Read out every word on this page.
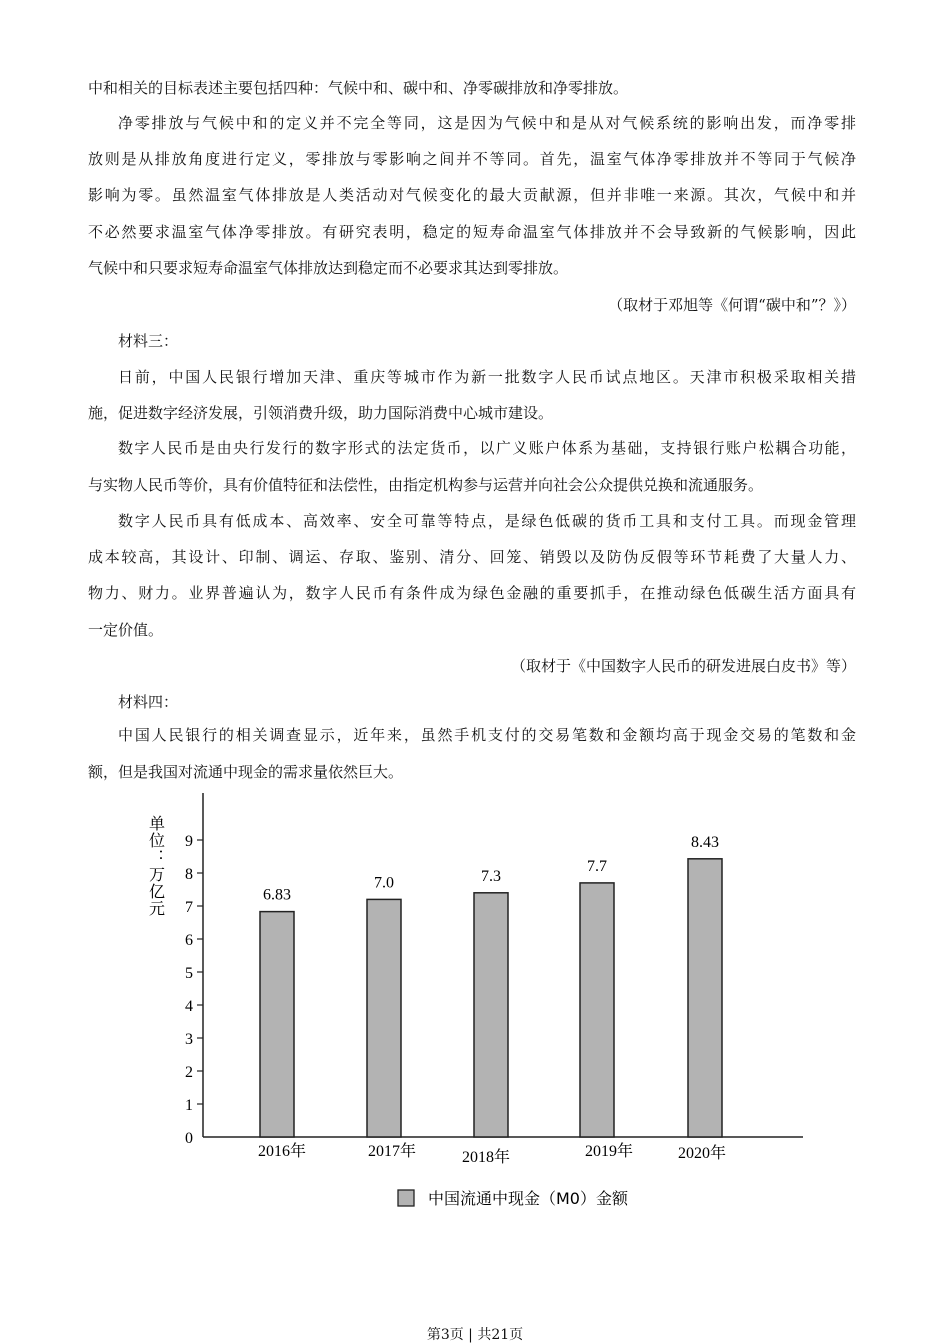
中和相关的目标表述主要包括四种：气候中和、碳中和、净零碳排放和净零排放。
净零排放与气候中和的定义并不完全等同，这是因为气候中和是从对气候系统的影响出发，而净零排
放则是从排放角度进行定义，零排放与零影响之间并不等同。首先，温室气体净零排放并不等同于气候净
影响为零。虽然温室气体排放是人类活动对气候变化的最大贡献源，但并非唯一来源。其次，气候中和并
不必然要求温室气体净零排放。有研究表明，稳定的短寿命温室气体排放并不会导致新的气候影响，因此
气候中和只要求短寿命温室气体排放达到稳定而不必要求其达到零排放。
（取材于邓旭等《何谓“碳中和”？》）
材料三：
日前，中国人民银行增加天津、重庆等城市作为新一批数字人民币试点地区。天津市积极采取相关措
施，促进数字经济发展，引领消费升级，助力国际消费中心城市建设。
数字人民币是由央行发行的数字形式的法定货币，以广义账户体系为基础，支持银行账户松耦合功能，
与实物人民币等价，具有价值特征和法偿性，由指定机构参与运营并向社会公众提供兑换和流通服务。
数字人民币具有低成本、高效率、安全可靠等特点，是绿色低碳的货币工具和支付工具。而现金管理
成本较高，其设计、印制、调运、存取、鉴别、清分、回笼、销毁以及防伪反假等环节耗费了大量人力、
物力、财力。业界普遍认为，数字人民币有条件成为绿色金融的重要抓手，在推动绿色低碳生活方面具有
一定价值。
（取材于《中国数字人民币的研发进展白皮书》等）
材料四：
中国人民银行的相关调查显示，近年来，虽然手机支付的交易笔数和金额均高于现金交易的笔数和金
额，但是我国对流通中现金的需求量依然巨大。
0
1
2
3
4
5
6
7
8
9
单位：万亿元	6.83
2016年
7.0
2017年
7.3
2018年
7.7
2019年
8.43
2020年
中国流通中现金（M0）金额
第3页 | 共21页
